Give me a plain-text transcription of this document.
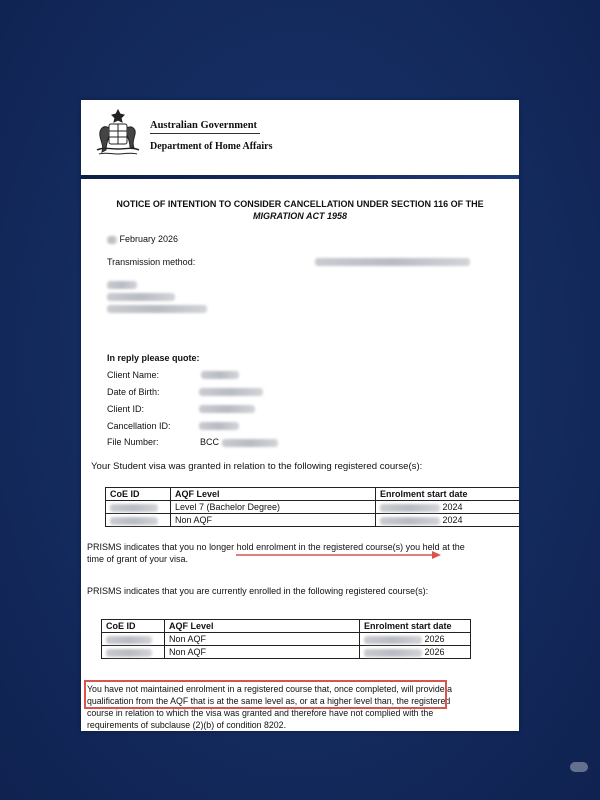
Australian Government
Department of Home Affairs
NOTICE OF INTENTION TO CONSIDER CANCELLATION UNDER SECTION 116 OF THE
MIGRATION ACT 1958
February 2026
Transmission method:
In reply please quote:
Client Name:
Date of Birth:
Client ID:
Cancellation ID:
File Number:	BCC
Your Student visa was granted in relation to the following registered course(s):
CoE ID	AQF Level	Enrolment start date
	Level 7 (Bachelor Degree)	2024
	Non AQF	2024
PRISMS indicates that you no longer hold enrolment in the registered course(s) you held at the
time of grant of your visa.
PRISMS indicates that you are currently enrolled in the following registered course(s):
CoE ID	AQF Level	Enrolment start date
	Non AQF	2026
	Non AQF	2026
You have not maintained enrolment in a registered course that, once completed, will provide a
qualification from the AQF that is at the same level as, or at a higher level than, the registered
course in relation to which the visa was granted and therefore have not complied with the
requirements of subclause (2)(b) of condition 8202.
